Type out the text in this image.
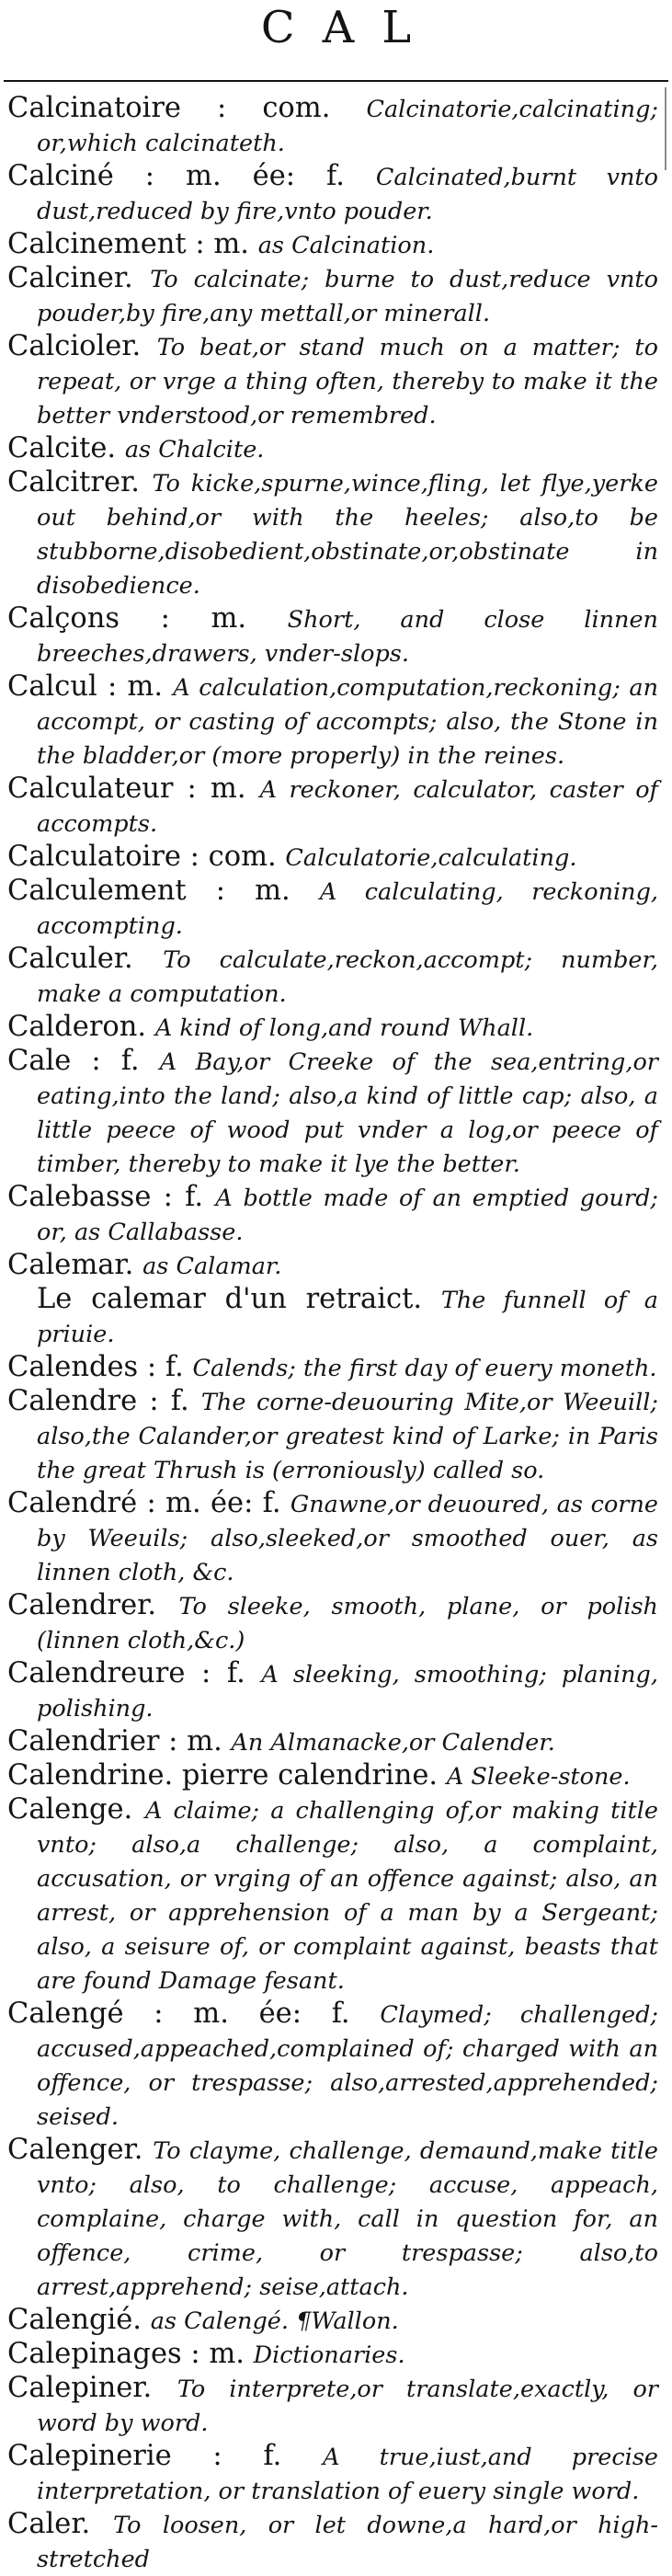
CAL

Calcinatoire : com. Calcinatorie,calcinating; or,which calcinateth.

Calciné : m. ée: f. Calcinated,burnt vnto dust,reduced by fire,vnto pouder.

Calcinement : m. as Calcination.

Calciner. To calcinate; burne to dust,reduce vnto pouder,by fire,any mettall,or minerall.

Calcioler. To beat,or stand much on a matter; to repeat, or vrge a thing often, thereby to make it the better vnderstood,or remembred.

Calcite. as Chalcite.

Calcitrer. To kicke,spurne,wince,fling, let flye,yerke out behind,or with the heeles; also,to be stubborne,disobedient,obstinate,or,obstinate in disobedience.

Calçons : m. Short, and close linnen breeches,drawers, vnder-slops.

Calcul : m. A calculation,computation,reckoning; an accompt, or casting of accompts; also, the Stone in the bladder,or (more properly) in the reines.

Calculateur : m. A reckoner, calculator, caster of accompts.

Calculatoire : com. Calculatorie,calculating.

Calculement : m. A calculating, reckoning, accompting.

Calculer. To calculate,reckon,accompt; number, make a computation.

Calderon. A kind of long,and round Whall.

Cale : f. A Bay,or Creeke of the sea,entring,or eating,into the land; also,a kind of little cap; also, a little peece of wood put vnder a log,or peece of timber, thereby to make it lye the better.

Calebasse : f. A bottle made of an emptied gourd; or, as Callabasse.

Calemar. as Calamar.

Le calemar d'un retraict. The funnell of a priuie.

Calendes : f. Calends; the first day of euery moneth.

Calendre : f. The corne-deuouring Mite,or Weeuill; also,the Calander,or greatest kind of Larke; in Paris the great Thrush is (erroniously) called so.

Calendré : m. ée: f. Gnawne,or deuoured, as corne by Weeuils; also,sleeked,or smoothed ouer, as linnen cloth, &c.

Calendrer. To sleeke, smooth, plane, or polish (linnen cloth,&c.)

Calendreure : f. A sleeking, smoothing; planing, polishing.

Calendrier : m. An Almanacke,or Calender.

Calendrine. pierre calendrine. A Sleeke-stone.

Calenge. A claime; a challenging of,or making title vnto; also,a challenge; also, a complaint, accusation, or vrging of an offence against; also, an arrest, or apprehension of a man by a Sergeant; also, a seisure of, or complaint against, beasts that are found Damage fesant.

Calengé : m. ée: f. Claymed; challenged; accused,appeached,complained of; charged with an offence, or trespasse; also,arrested,apprehended; seised.

Calenger. To clayme, challenge, demaund,make title vnto; also, to challenge; accuse, appeach, complaine, charge with, call in question for, an offence, crime, or trespasse; also,to arrest,apprehend; seise,attach.

Calengié. as Calengé. ¶Wallon.

Calepinages : m. Dictionaries.

Calepiner. To interprete,or translate,exactly, or word by word.

Calepinerie : f. A true,iust,and precise interpretation, or translation of euery single word.

Caler. To loosen, or let downe,a hard,or high-stretched
